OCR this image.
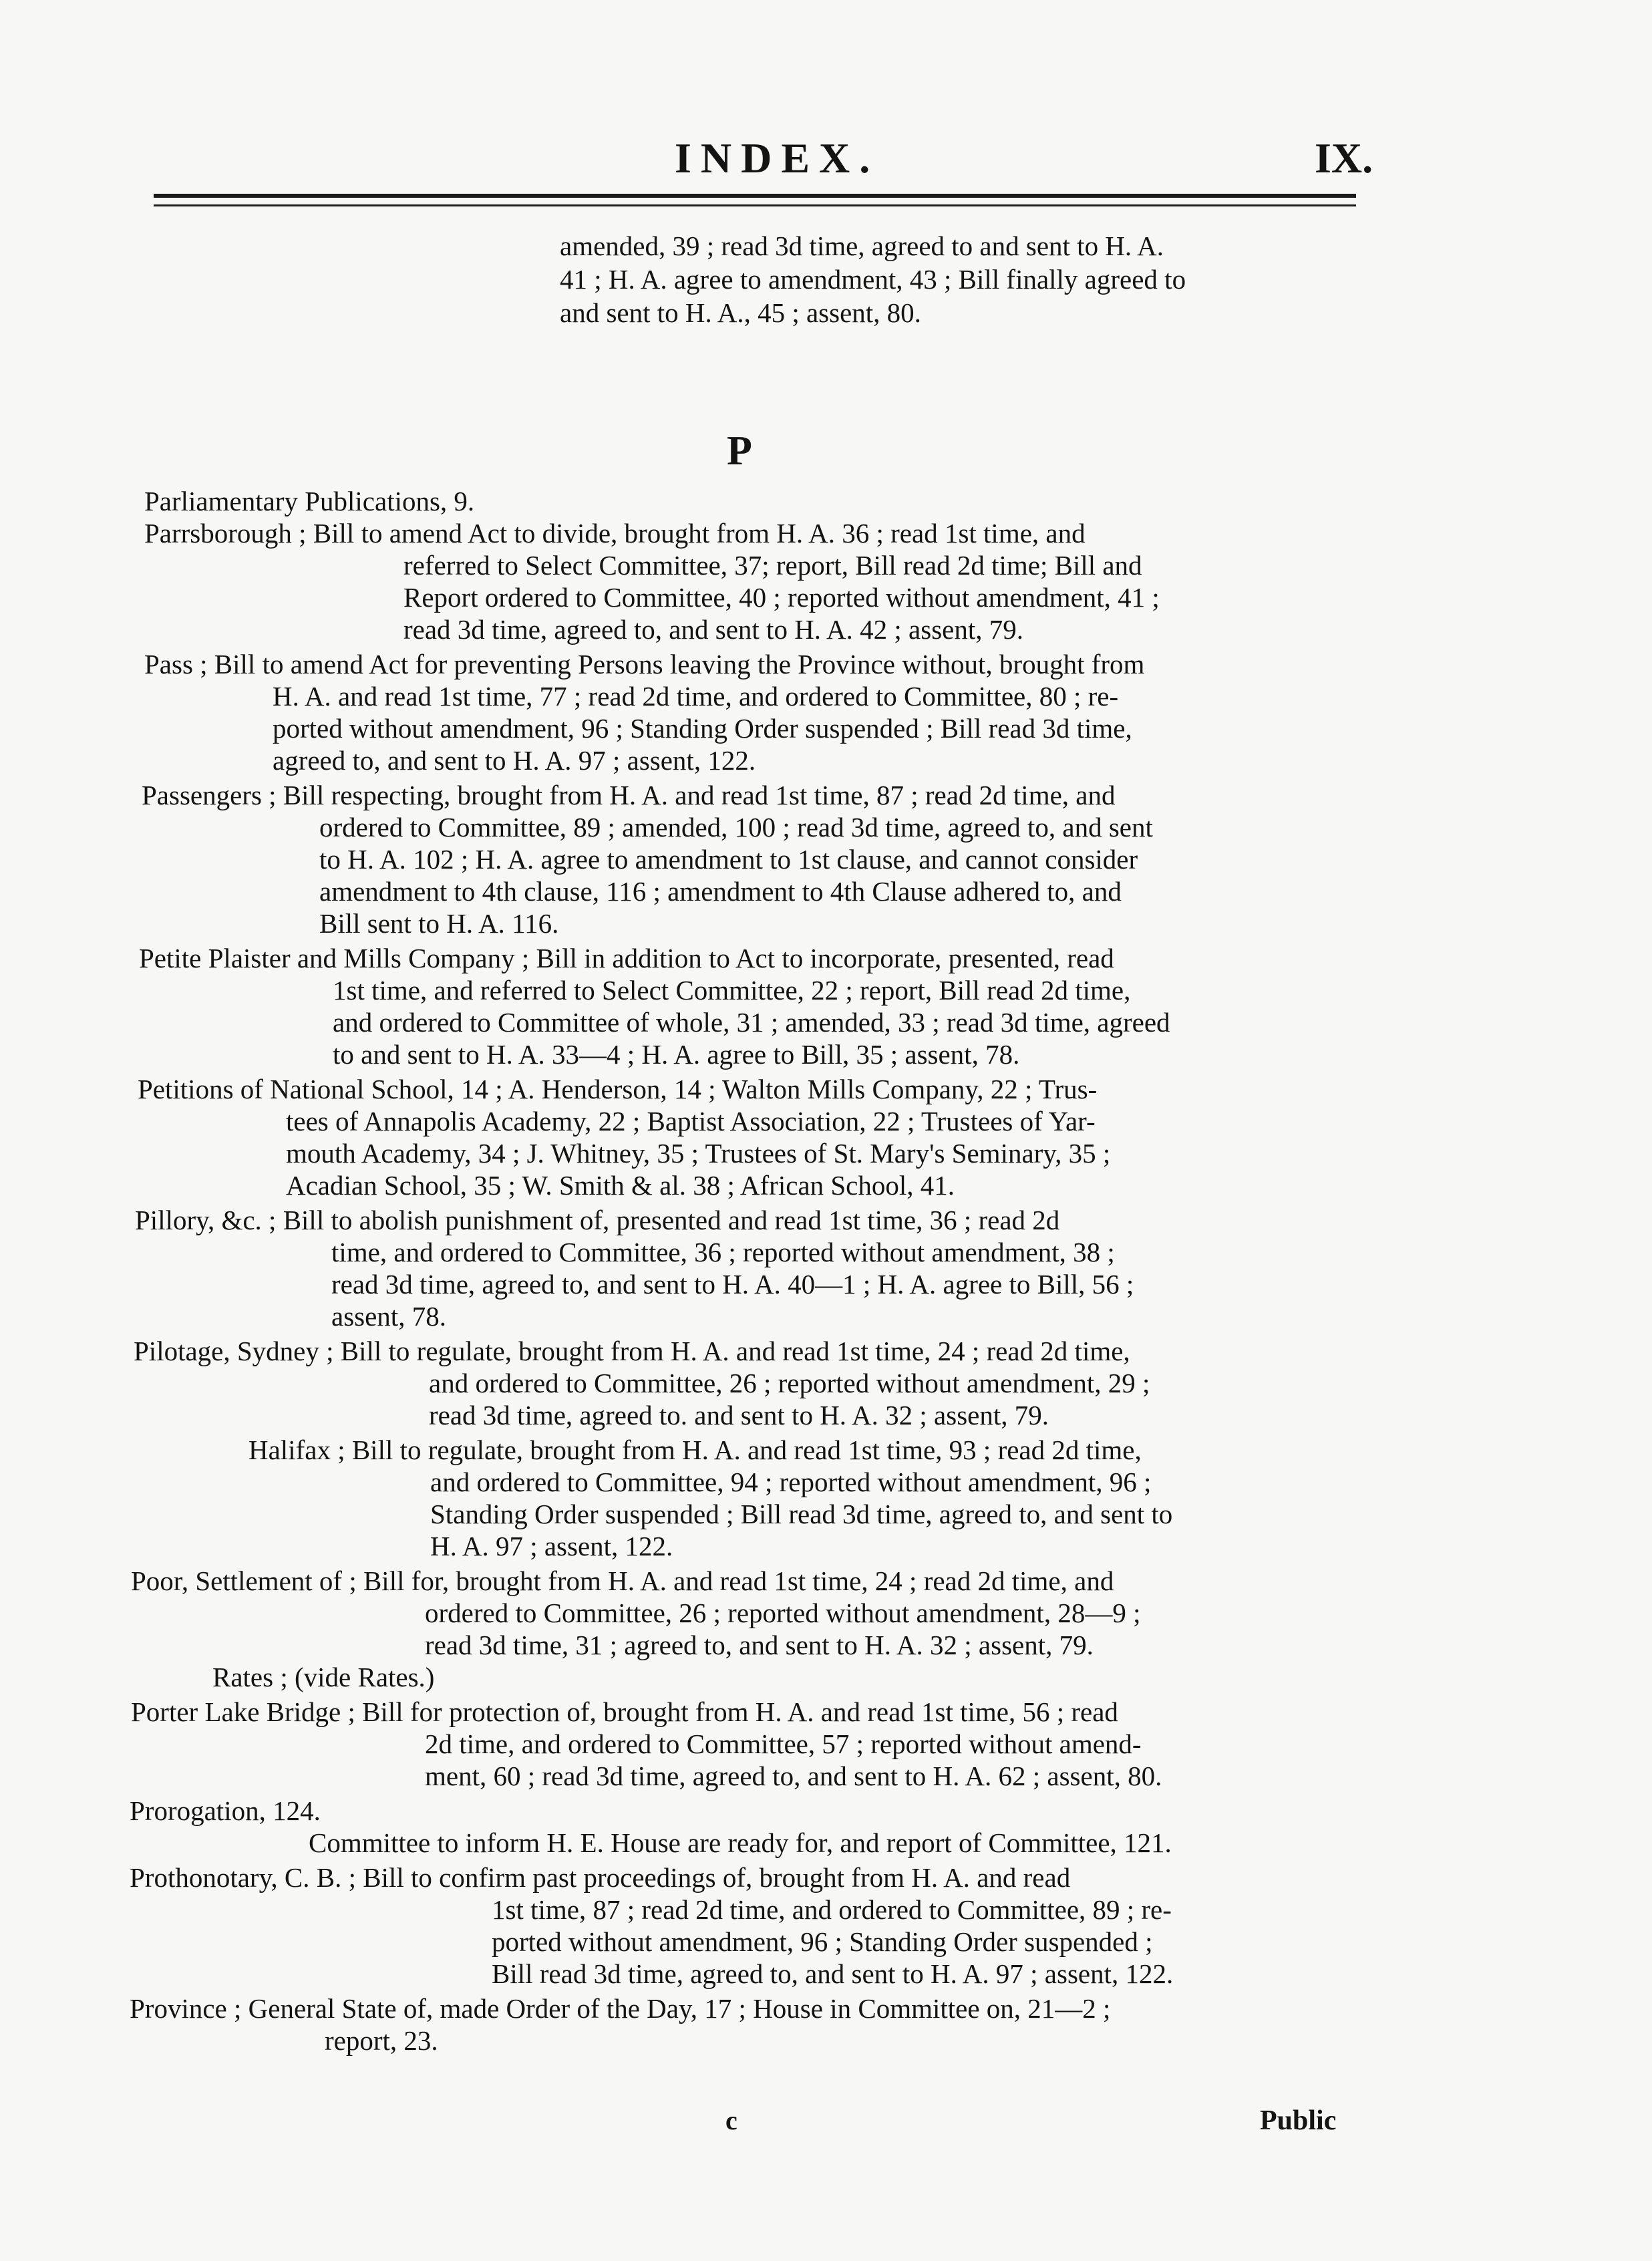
INDEX.	IX.
amended, 39 ; read 3d time, agreed to and sent to H. A.
41 ; H. A. agree to amendment, 43 ; Bill finally agreed to
and sent to H. A., 45 ; assent, 80.
P
Parliamentary Publications, 9.
Parrsborough ; Bill to amend Act to divide, brought from H. A. 36 ; read 1st time, and
referred to Select Committee, 37; report, Bill read 2d time; Bill and
Report ordered to Committee, 40 ; reported without amendment, 41 ;
read 3d time, agreed to, and sent to H. A. 42 ; assent, 79.
Pass ; Bill to amend Act for preventing Persons leaving the Province without, brought from
H. A. and read 1st time, 77 ; read 2d time, and ordered to Committee, 80 ; re-
ported without amendment, 96 ; Standing Order suspended ; Bill read 3d time,
agreed to, and sent to H. A. 97 ; assent, 122.
Passengers ; Bill respecting, brought from H. A. and read 1st time, 87 ; read 2d time, and
ordered to Committee, 89 ; amended, 100 ; read 3d time, agreed to, and sent
to H. A. 102 ; H. A. agree to amendment to 1st clause, and cannot consider
amendment to 4th clause, 116 ; amendment to 4th Clause adhered to, and
Bill sent to H. A. 116.
Petite Plaister and Mills Company ; Bill in addition to Act to incorporate, presented, read
1st time, and referred to Select Committee, 22 ; report, Bill read 2d time,
and ordered to Committee of whole, 31 ; amended, 33 ; read 3d time, agreed
to and sent to H. A. 33—4 ; H. A. agree to Bill, 35 ; assent, 78.
Petitions of National School, 14 ; A. Henderson, 14 ; Walton Mills Company, 22 ; Trus-
tees of Annapolis Academy, 22 ; Baptist Association, 22 ; Trustees of Yar-
mouth Academy, 34 ; J. Whitney, 35 ; Trustees of St. Mary's Seminary, 35 ;
Acadian School, 35 ; W. Smith & al. 38 ; African School, 41.
Pillory, &c. ; Bill to abolish punishment of, presented and read 1st time, 36 ; read 2d
time, and ordered to Committee, 36 ; reported without amendment, 38 ;
read 3d time, agreed to, and sent to H. A. 40—1 ; H. A. agree to Bill, 56 ;
assent, 78.
Pilotage, Sydney ; Bill to regulate, brought from H. A. and read 1st time, 24 ; read 2d time,
and ordered to Committee, 26 ; reported without amendment, 29 ;
read 3d time, agreed to. and sent to H. A. 32 ; assent, 79.
Halifax ; Bill to regulate, brought from H. A. and read 1st time, 93 ; read 2d time,
and ordered to Committee, 94 ; reported without amendment, 96 ;
Standing Order suspended ; Bill read 3d time, agreed to, and sent to
H. A. 97 ; assent, 122.
Poor, Settlement of ; Bill for, brought from H. A. and read 1st time, 24 ; read 2d time, and
ordered to Committee, 26 ; reported without amendment, 28—9 ;
read 3d time, 31 ; agreed to, and sent to H. A. 32 ; assent, 79.
Rates ; (vide Rates.)
Porter Lake Bridge ; Bill for protection of, brought from H. A. and read 1st time, 56 ; read
2d time, and ordered to Committee, 57 ; reported without amend-
ment, 60 ; read 3d time, agreed to, and sent to H. A. 62 ; assent, 80.
Prorogation, 124.
Committee to inform H. E. House are ready for, and report of Committee, 121.
Prothonotary, C. B. ; Bill to confirm past proceedings of, brought from H. A. and read
1st time, 87 ; read 2d time, and ordered to Committee, 89 ; re-
ported without amendment, 96 ; Standing Order suspended ;
Bill read 3d time, agreed to, and sent to H. A. 97 ; assent, 122.
Province ; General State of, made Order of the Day, 17 ; House in Committee on, 21—2 ;
report, 23.
c	Public
